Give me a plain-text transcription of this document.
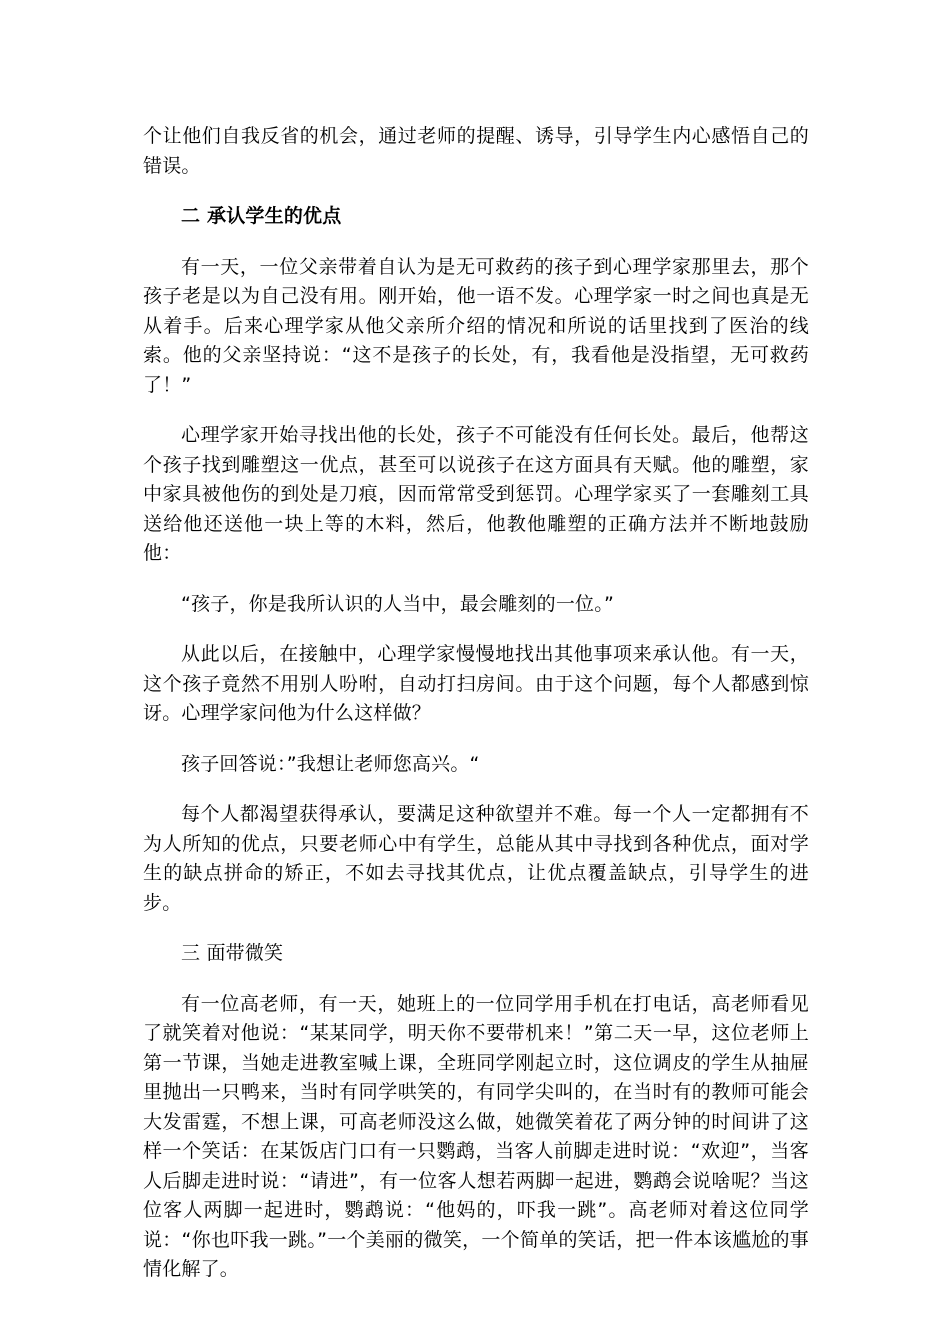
个让他们自我反省的机会，通过老师的提醒、诱导，引导学生内心感悟自己的错误。

二 承认学生的优点

有一天，一位父亲带着自认为是无可救药的孩子到心理学家那里去，那个孩子老是以为自己没有用。刚开始，他一语不发。心理学家一时之间也真是无从着手。后来心理学家从他父亲所介绍的情况和所说的话里找到了医治的线索。他的父亲坚持说：“这不是孩子的长处，有，我看他是没指望，无可救药了！”

心理学家开始寻找出他的长处，孩子不可能没有任何长处。最后，他帮这个孩子找到雕塑这一优点，甚至可以说孩子在这方面具有天赋。他的雕塑，家中家具被他伤的到处是刀痕，因而常常受到惩罚。心理学家买了一套雕刻工具送给他还送他一块上等的木料，然后，他教他雕塑的正确方法并不断地鼓励他：

“孩子，你是我所认识的人当中，最会雕刻的一位。”

从此以后，在接触中，心理学家慢慢地找出其他事项来承认他。有一天，这个孩子竟然不用别人吩咐，自动打扫房间。由于这个问题，每个人都感到惊讶。心理学家问他为什么这样做？

孩子回答说：”我想让老师您高兴。“

每个人都渴望获得承认，要满足这种欲望并不难。每一个人一定都拥有不为人所知的优点，只要老师心中有学生，总能从其中寻找到各种优点，面对学生的缺点拼命的矫正，不如去寻找其优点，让优点覆盖缺点，引导学生的进步。

三 面带微笑

有一位高老师，有一天，她班上的一位同学用手机在打电话，高老师看见了就笑着对他说：“某某同学，明天你不要带机来！”第二天一早，这位老师上第一节课，当她走进教室喊上课，全班同学刚起立时，这位调皮的学生从抽屉里抛出一只鸭来，当时有同学哄笑的，有同学尖叫的，在当时有的教师可能会大发雷霆，不想上课，可高老师没这么做，她微笑着花了两分钟的时间讲了这样一个笑话：在某饭店门口有一只鹦鹉，当客人前脚走进时说：“欢迎”，当客人后脚走进时说：“请进”，有一位客人想若两脚一起进，鹦鹉会说啥呢？当这位客人两脚一起进时，鹦鹉说：“他妈的，吓我一跳”。高老师对着这位同学说：“你也吓我一跳。”一个美丽的微笑，一个简单的笑话，把一件本该尴尬的事情化解了。
